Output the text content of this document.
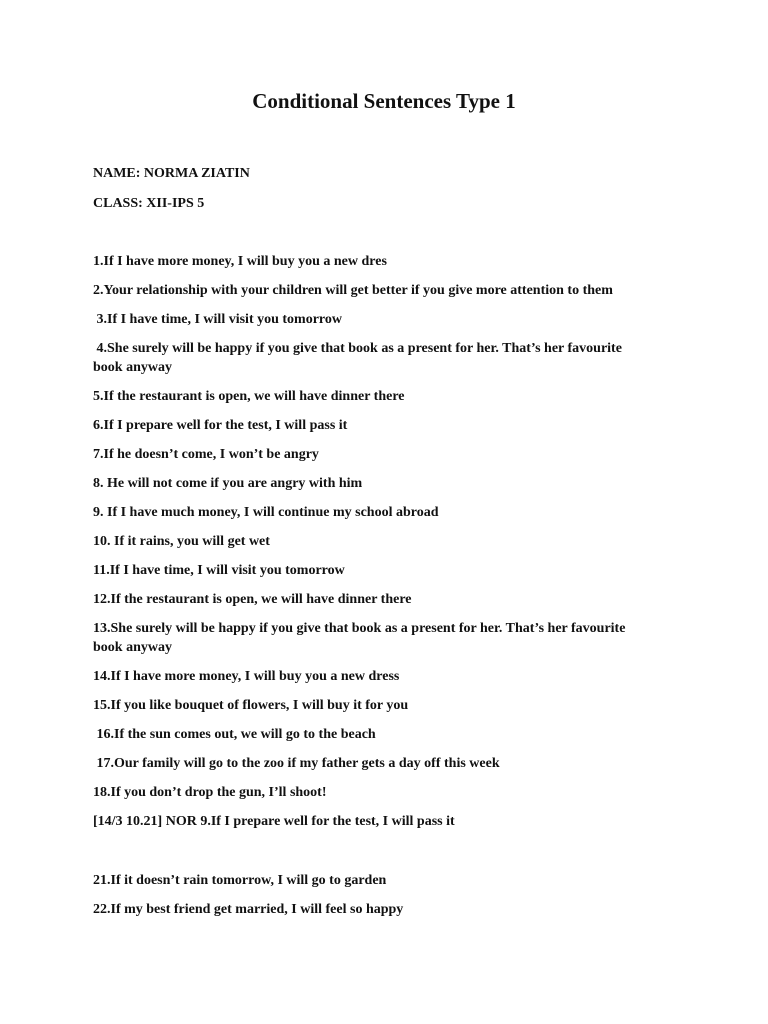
Conditional Sentences Type 1
NAME: NORMA ZIATIN
CLASS: XII-IPS 5
1.If I have more money, I will buy you a new dres
2.Your relationship with your children will get better if you give more attention to them
3.If I have time, I will visit you tomorrow
4.She surely will be happy if you give that book as a present for her. That’s her favourite book anyway
5.If the restaurant is open, we will have dinner there
6.If I prepare well for the test, I will pass it
7.If he doesn’t come, I won’t be angry
8. He will not come if you are angry with him
9. If I have much money, I will continue my school abroad
10. If it rains, you will get wet
11.If I have time, I will visit you tomorrow
12.If the restaurant is open, we will have dinner there
13.She surely will be happy if you give that book as a present for her. That’s her favourite book anyway
14.If I have more money, I will buy you a new dress
15.If you like bouquet of flowers, I will buy it for you
16.If the sun comes out, we will go to the beach
17.Our family will go to the zoo if my father gets a day off this week
18.If you don’t drop the gun, I’ll shoot!
[14/3 10.21] NOR 9.If I prepare well for the test, I will pass it
21.If it doesn’t rain tomorrow, I will go to garden
22.If my best friend get married, I will feel so happy
